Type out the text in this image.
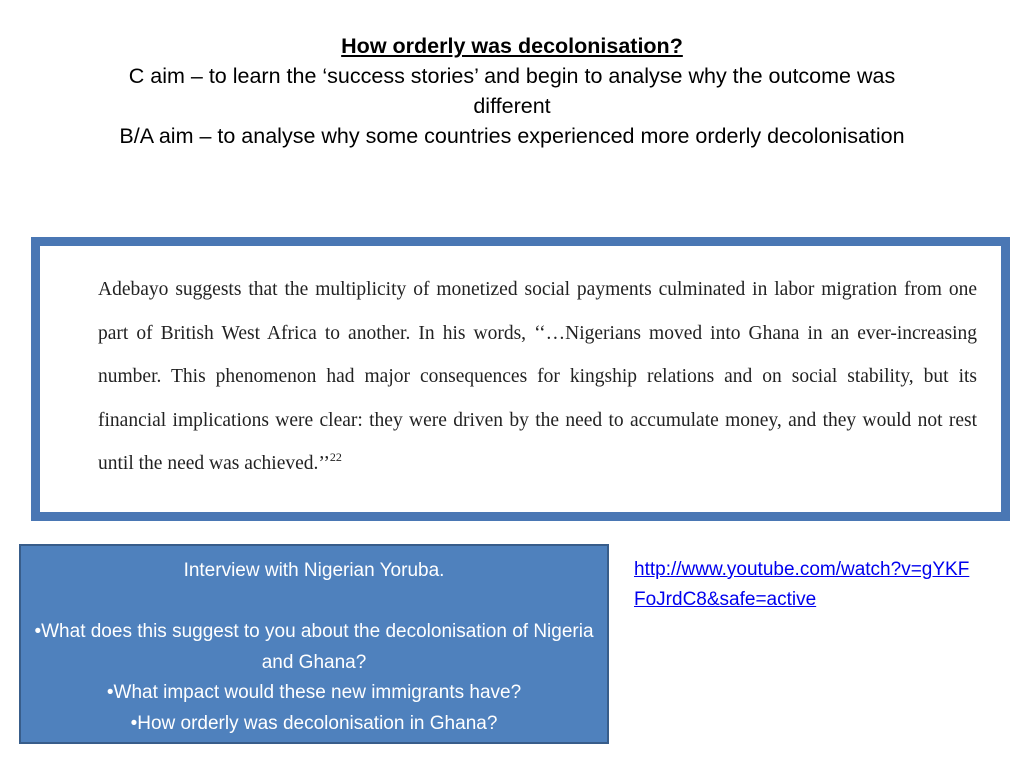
How orderly was decolonisation?
C aim – to learn the ‘success stories’ and begin to analyse why the outcome was
different
B/A aim – to analyse why some countries experienced more orderly decolonisation

Adebayo suggests that the multiplicity of monetized social payments culminated in labor migration from one part of British West Africa to another. In his words, ‘‘…Nigerians moved into Ghana in an ever-increasing number. This phenomenon had major consequences for kingship relations and on social stability, but its financial implications were clear: they were driven by the need to accumulate money, and they would not rest until the need was achieved.’’$^{22}$

Interview with Nigerian Yoruba.
•What does this suggest to you about the decolonisation of Nigeria and Ghana?
•What impact would these new immigrants have?
•How orderly was decolonisation in Ghana?
http://www.youtube.com/watch?v=gYKFFoJrdC8&safe=active
